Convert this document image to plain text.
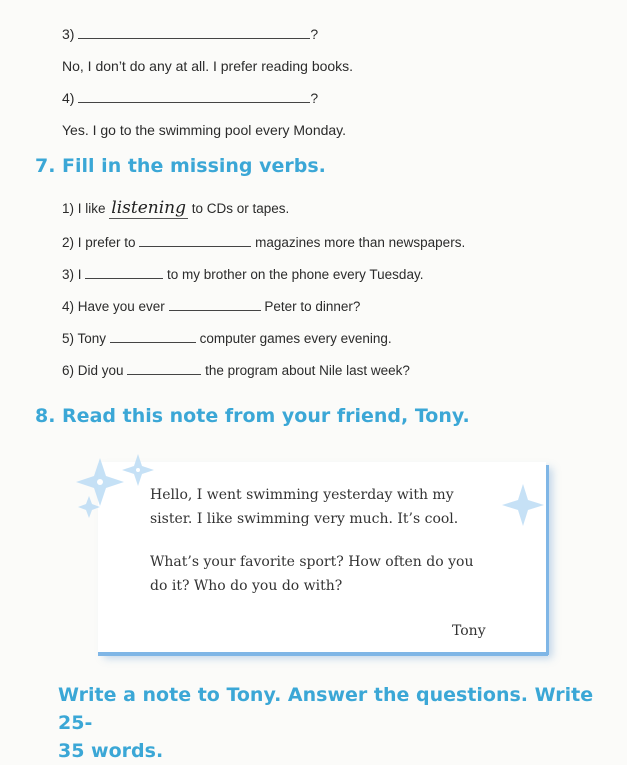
3)	?
No, I don’t do any at all. I prefer reading books.
4)	?
Yes. I go to the swimming pool every Monday.
7. Fill in the missing verbs.
1) I like listening to CDs or tapes.
2) I prefer to	magazines more than newspapers.
3) I	to my brother on the phone every Tuesday.
4) Have you ever	Peter to dinner?
5) Tony	computer games every evening.
6) Did you	the program about Nile last week?
8. Read this note from your friend, Tony.
Hello, I went swimming yesterday with my
sister. I like swimming very much. It’s cool.
What’s your favorite sport? How often do you
do it? Who do you do with?
Tony
Write a note to Tony. Answer the questions. Write 25-
35 words.
